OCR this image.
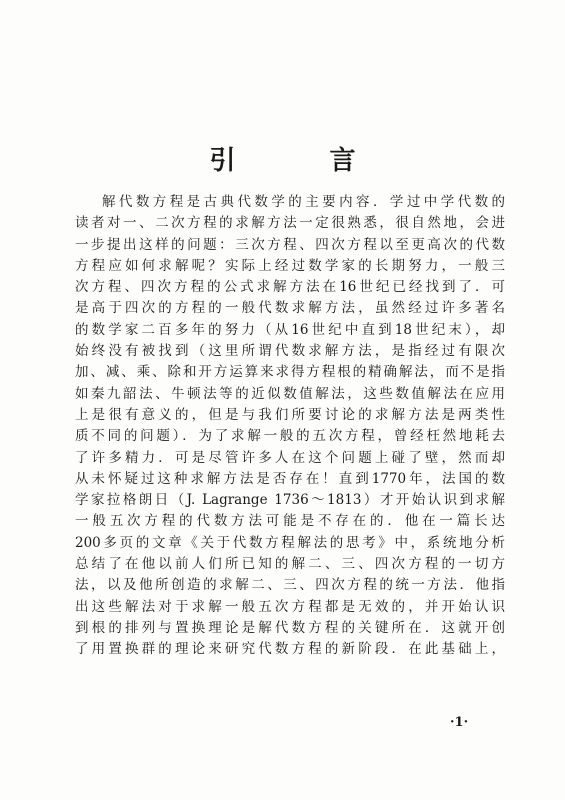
引　言
解代数方程是古典代数学的主要内容．学过中学代数的
读者对一、二次方程的求解方法一定很熟悉，很自然地，会进
一步提出这样的问题：三次方程、四次方程以至更高次的代数
方程应如何求解呢？实际上经过数学家的长期努力，一般三
次方程、四次方程的公式求解方法在16世纪已经找到了．可
是高于四次的方程的一般代数求解方法，虽然经过许多著名
的数学家二百多年的努力（从16世纪中直到18世纪末），却
始终没有被找到（这里所谓代数求解方法，是指经过有限次
加、减、乘、除和开方运算来求得方程根的精确解法，而不是指
如秦九韶法、牛顿法等的近似数值解法，这些数值解法在应用
上是很有意义的，但是与我们所要讨论的求解方法是两类性
质不同的问题）．为了求解一般的五次方程，曾经枉然地耗去
了许多精力．可是尽管许多人在这个问题上碰了壁，然而却
从未怀疑过这种求解方法是否存在！直到1770年，法国的数
学家拉格朗日（J. Lagrange 1736～1813）才开始认识到求解
一般五次方程的代数方法可能是不存在的．他在一篇长达
200多页的文章《关于代数方程解法的思考》中，系统地分析
总结了在他以前人们所已知的解二、三、四次方程的一切方
法，以及他所创造的求解二、三、四次方程的统一方法．他指
出这些解法对于求解一般五次方程都是无效的，并开始认识
到根的排列与置换理论是解代数方程的关键所在．这就开创
了用置换群的理论来研究代数方程的新阶段．在此基础上，
·1·
